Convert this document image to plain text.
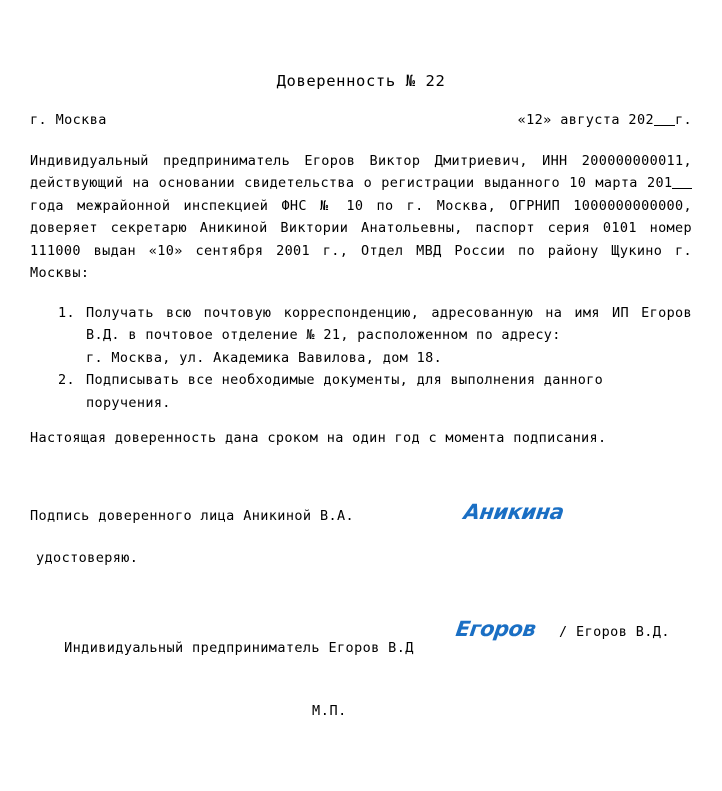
Доверенность № 22
г. Москва	«12» августа 202 г.
Индивидуальный предприниматель Егоров Виктор Дмитриевич, ИНН 200000000011, действующий на основании свидетельства о регистрации выданного 10 марта 201 года межрайонной инспекцией ФНС № 10 по г. Москва, ОГРНИП 1000000000000, доверяет секретарю Аникиной Виктории Анатольевны, паспорт серия 0101 номер 111000 выдан «10» сентября 2001 г., Отдел МВД России по району Щукино г. Москвы:
1. Получать всю почтовую корреспонденцию, адресованную на имя ИП Егоров В.Д. в почтовое отделение № 21, расположенном по адресу:
г. Москва, ул. Академика Вавилова, дом 18.
2. Подписывать все необходимые документы, для выполнения данного
поручения.
Настоящая доверенность дана сроком на один год с момента подписания.
Подпись доверенного лица Аникиной В.А.	Аникина
удостоверяю.

Индивидуальный предприниматель Егоров В.Д

/ Егоров В.Д.

Егоров
М.П.
